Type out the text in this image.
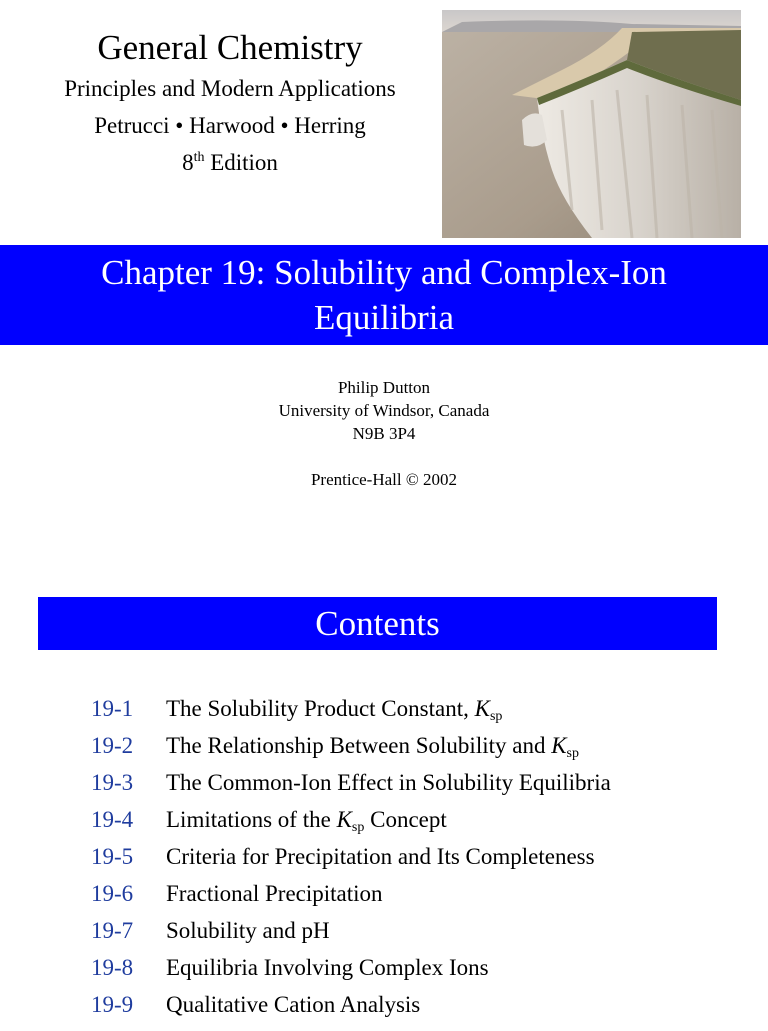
General Chemistry
Principles and Modern Applications
Petrucci • Harwood • Herring
8th Edition
Chapter 19: Solubility and Complex-Ion
Equilibria
Philip Dutton
University of Windsor, Canada
N9B 3P4
Prentice-Hall © 2002
Contents
19-1	The Solubility Product Constant, $K_{sp}$
19-2	The Relationship Between Solubility and $K_{sp}$
19-3	The Common-Ion Effect in Solubility Equilibria
19-4	Limitations of the $K_{sp}$ Concept
19-5	Criteria for Precipitation and Its Completeness
19-6	Fractional Precipitation
19-7	Solubility and pH
19-8	Equilibria Involving Complex Ions
19-9	Qualitative Cation Analysis
